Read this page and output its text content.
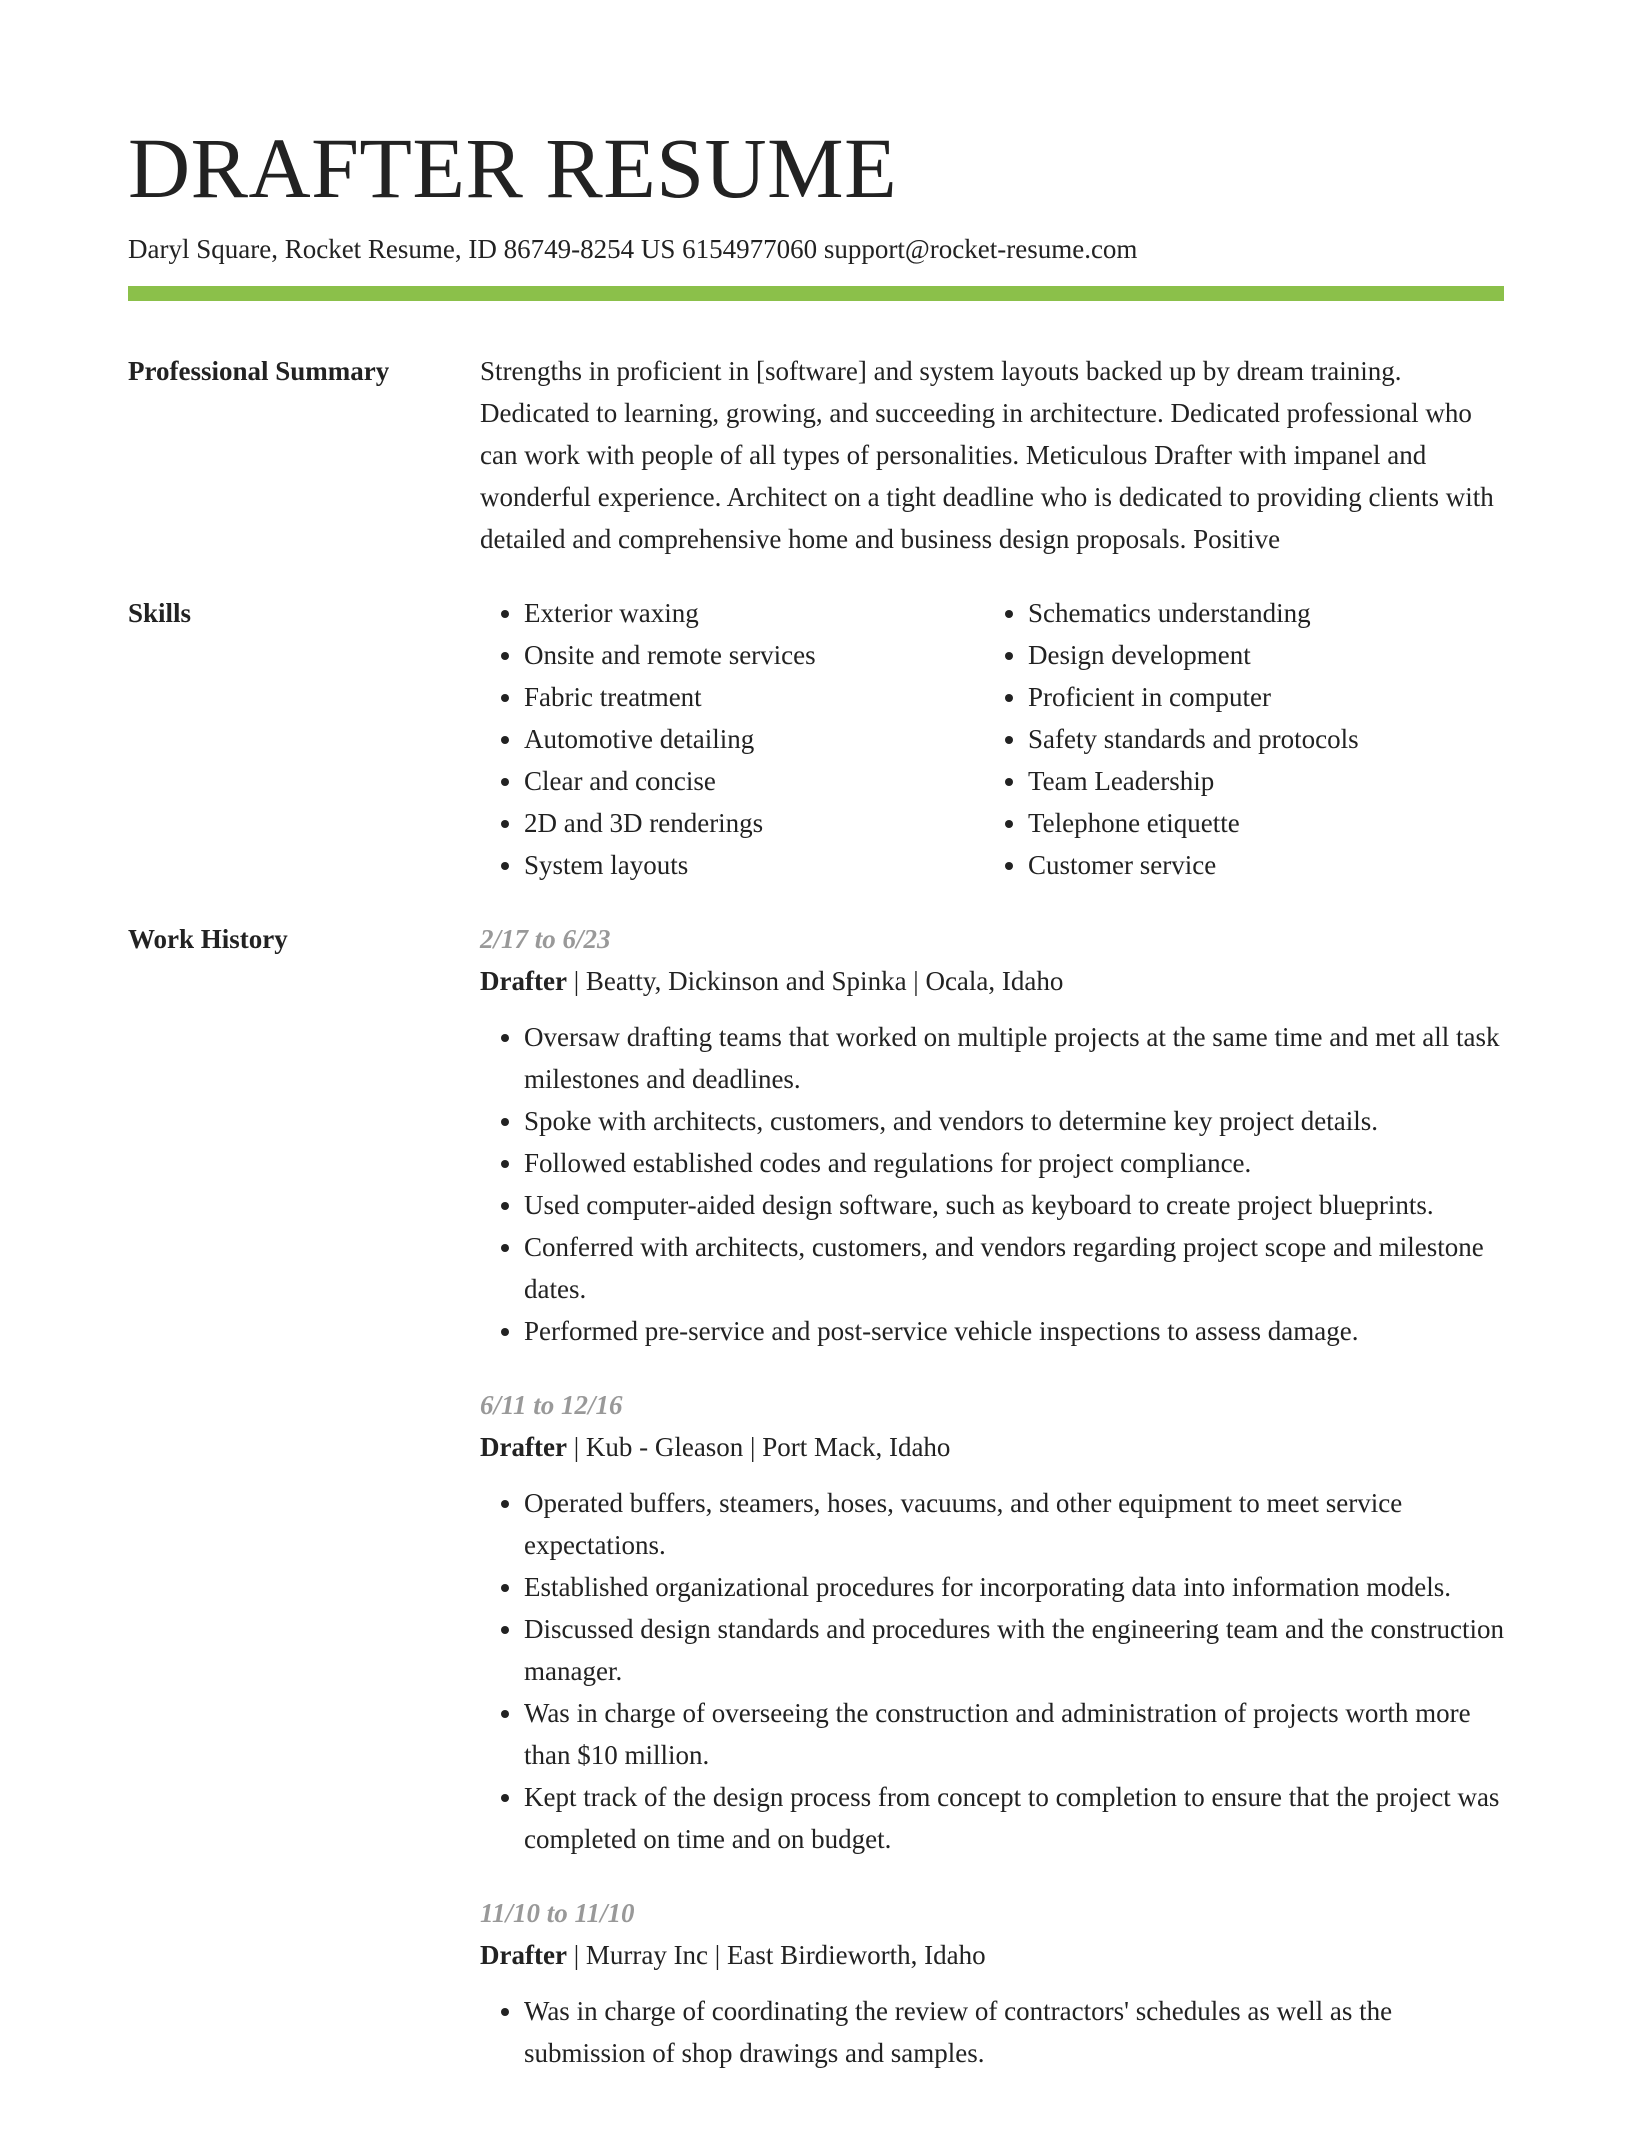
DRAFTER RESUME
Daryl Square, Rocket Resume, ID 86749-8254 US 6154977060 support@rocket-resume.com
Professional Summary	Strengths in proficient in [software] and system layouts backed up by dream training. Dedicated to learning, growing, and succeeding in architecture. Dedicated professional who can work with people of all types of personalities. Meticulous Drafter with impanel and wonderful experience. Architect on a tight deadline who is dedicated to providing clients with detailed and comprehensive home and business design proposals. Positive

Skills
•	Exterior waxing
• Onsite and remote services
• Fabric treatment
• Automotive detailing
• Clear and concise
• 2D and 3D renderings
• System layouts
• Schematics understanding
• Design development
• Proficient in computer
• Safety standards and protocols
• Team Leadership
• Telephone etiquette
• Customer service
Work History	2/17 to 6/23
Drafter | Beatty, Dickinson and Spinka | Ocala, Idaho
• Oversaw drafting teams that worked on multiple projects at the same time and met all task milestones and deadlines.
• Spoke with architects, customers, and vendors to determine key project details.
• Followed established codes and regulations for project compliance.
• Used computer-aided design software, such as keyboard to create project blueprints.
• Conferred with architects, customers, and vendors regarding project scope and milestone dates.
• Performed pre-service and post-service vehicle inspections to assess damage.
6/11 to 12/16
Drafter | Kub - Gleason | Port Mack, Idaho
• Operated buffers, steamers, hoses, vacuums, and other equipment to meet service expectations.
• Established organizational procedures for incorporating data into information models.
• Discussed design standards and procedures with the engineering team and the construction manager.
• Was in charge of overseeing the construction and administration of projects worth more than $10 million.
• Kept track of the design process from concept to completion to ensure that the project was completed on time and on budget.
11/10 to 11/10
Drafter | Murray Inc | East Birdieworth, Idaho
• Was in charge of coordinating the review of contractors' schedules as well as the submission of shop drawings and samples.
